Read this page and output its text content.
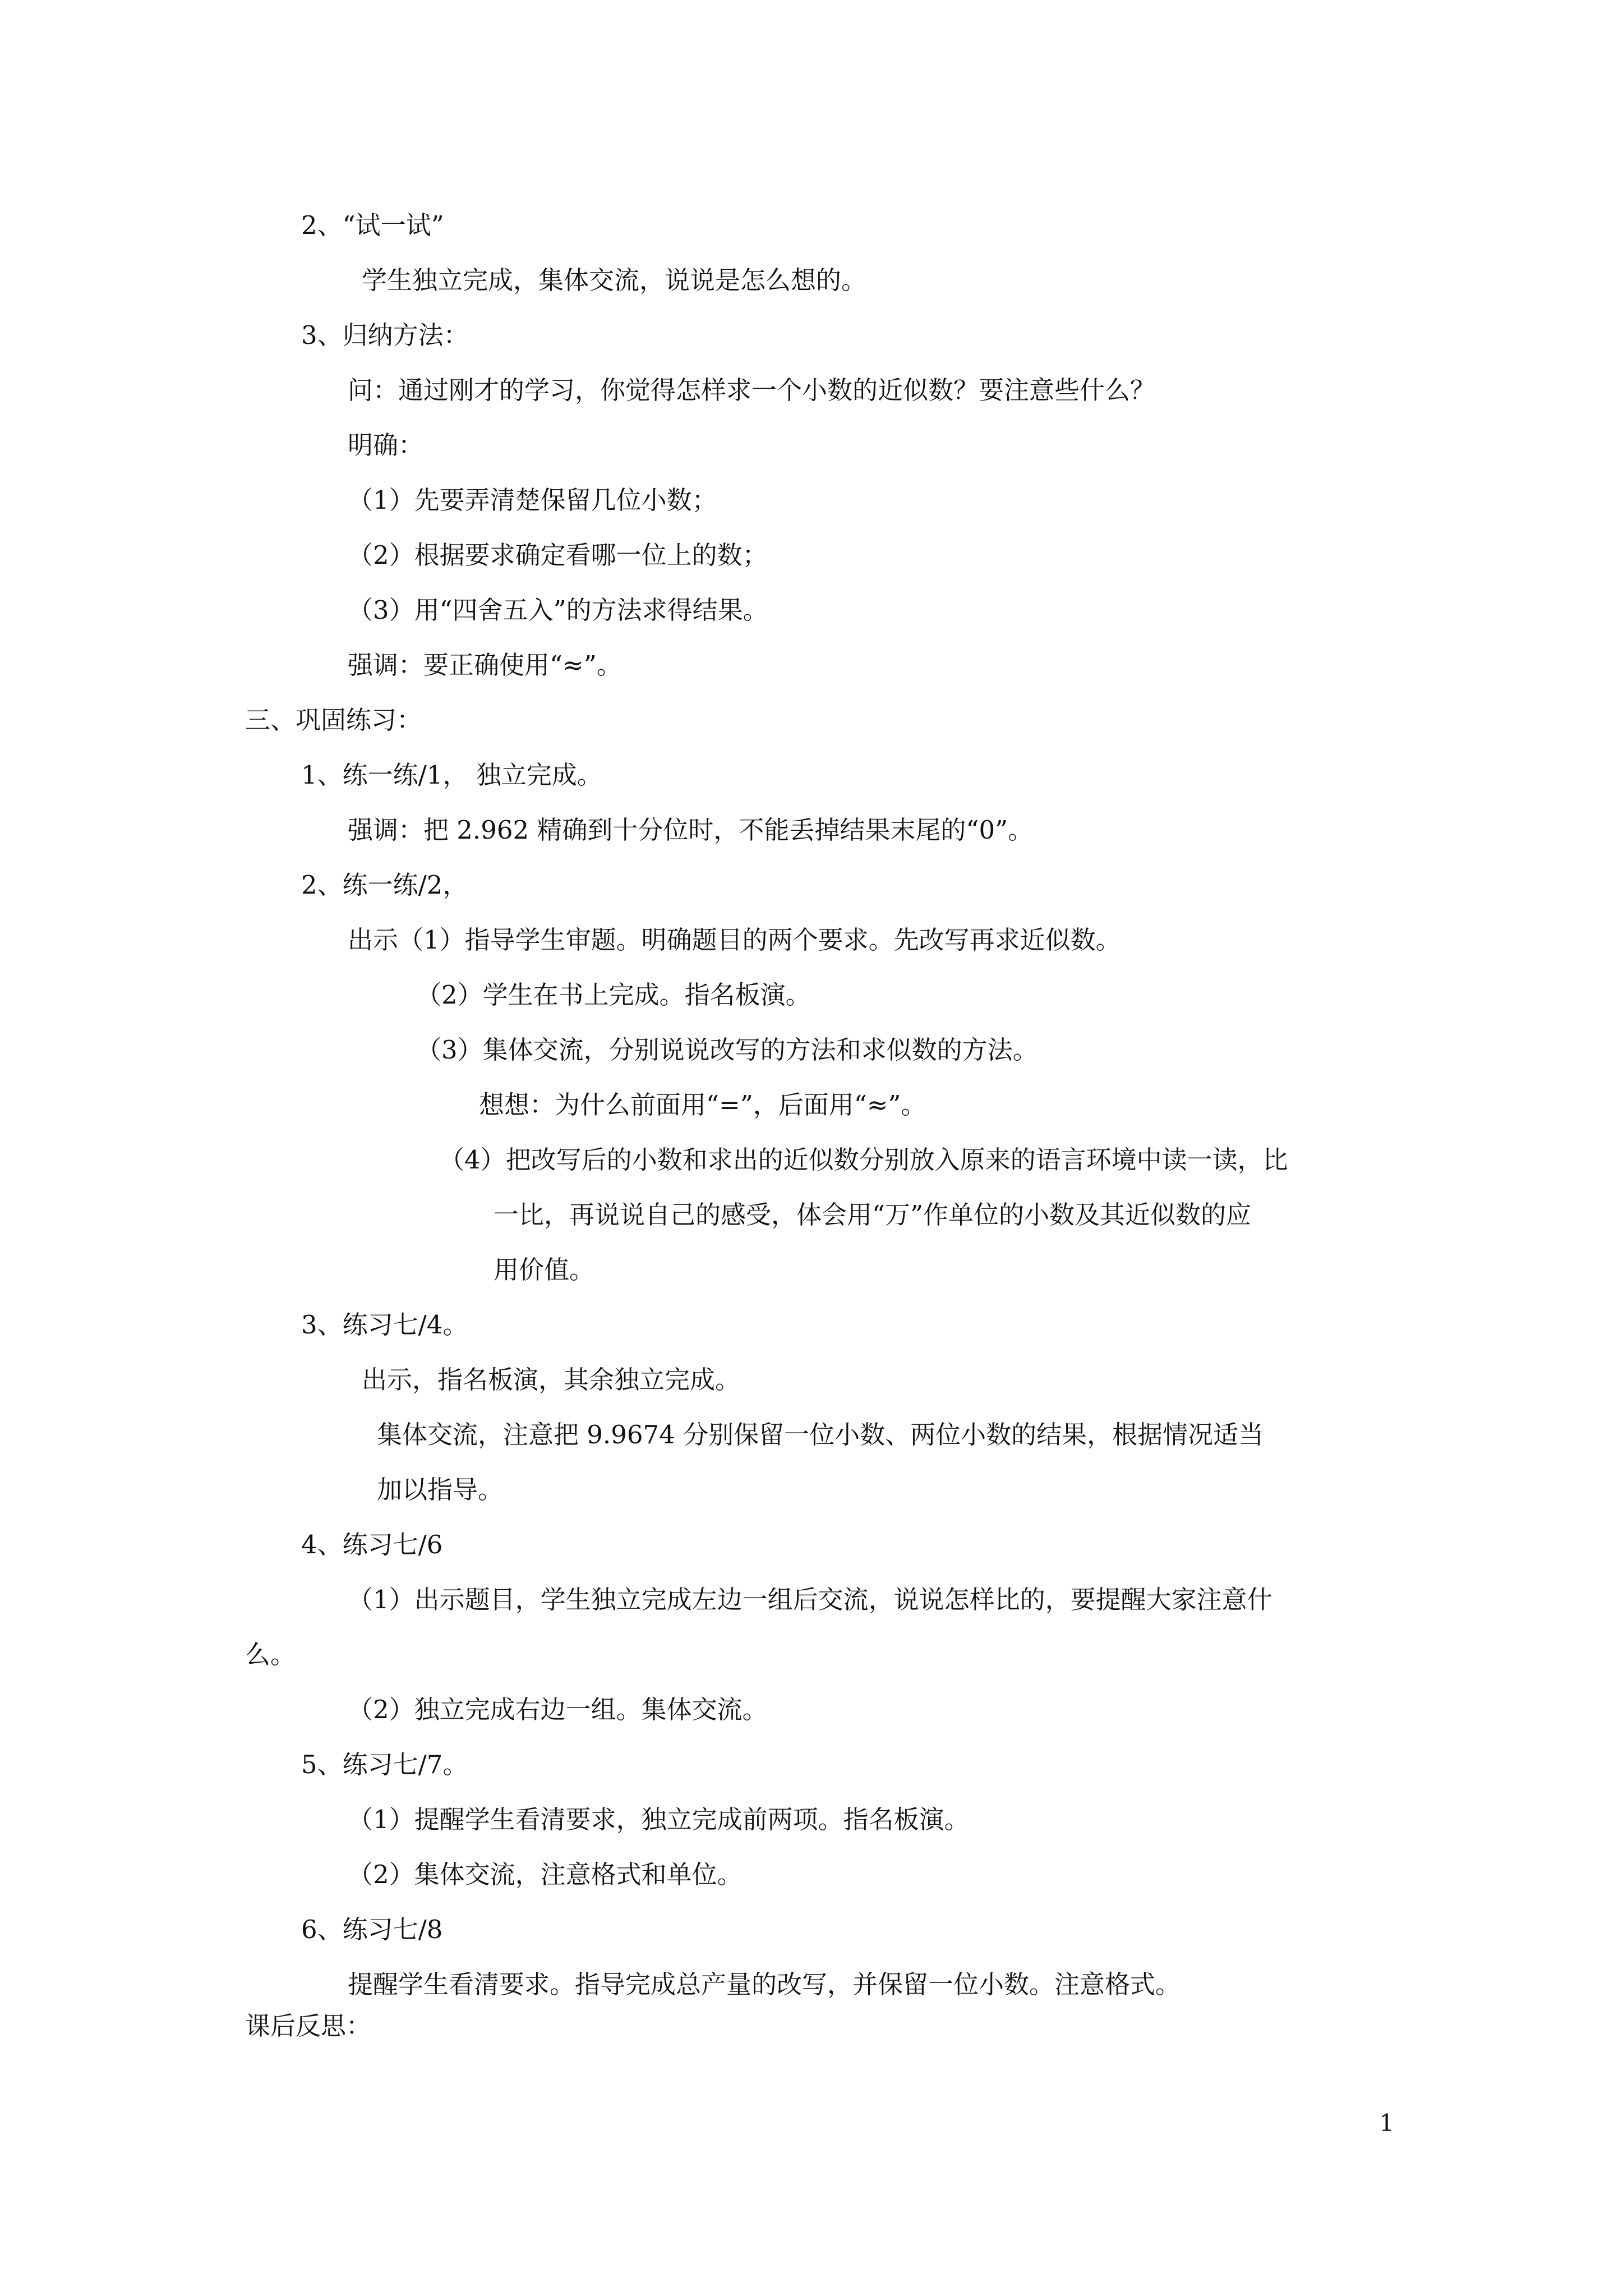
2、“试一试”
学生独立完成，集体交流，说说是怎么想的。
3、归纳方法：
问：通过刚才的学习，你觉得怎样求一个小数的近似数？要注意些什么？
明确：
（1）先要弄清楚保留几位小数；
（2）根据要求确定看哪一位上的数；
（3）用“四舍五入”的方法求得结果。
强调：要正确使用“≈”。
三、巩固练习：
1、练一练/1， 独立完成。
强调：把 2.962 精确到十分位时，不能丢掉结果末尾的“0”。
2、练一练/2，
出示（1）指导学生审题。明确题目的两个要求。先改写再求近似数。
（2）学生在书上完成。指名板演。
（3）集体交流，分别说说改写的方法和求似数的方法。
想想：为什么前面用“=”，后面用“≈”。
（4）把改写后的小数和求出的近似数分别放入原来的语言环境中读一读，比
一比，再说说自己的感受，体会用“万”作单位的小数及其近似数的应
用价值。
3、练习七/4。
出示，指名板演，其余独立完成。
集体交流，注意把 9.9674 分别保留一位小数、两位小数的结果，根据情况适当
加以指导。
4、练习七/6
（1）出示题目，学生独立完成左边一组后交流，说说怎样比的，要提醒大家注意什
么。
（2）独立完成右边一组。集体交流。
5、练习七/7。
（1）提醒学生看清要求，独立完成前两项。指名板演。
（2）集体交流，注意格式和单位。
6、练习七/8
提醒学生看清要求。指导完成总产量的改写，并保留一位小数。注意格式。
课后反思：
1
